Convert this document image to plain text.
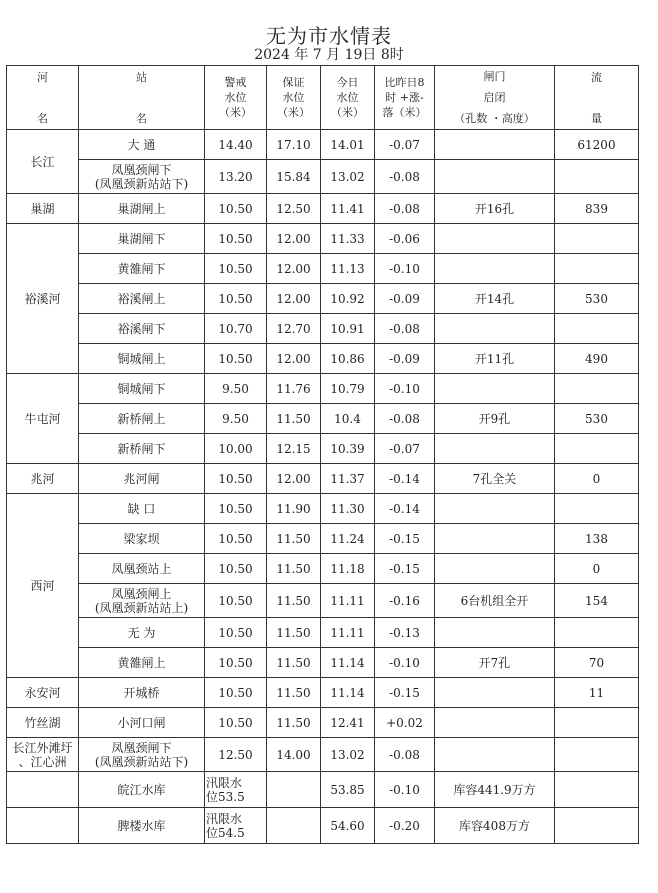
无为市水情表
2024 年 7 月 19日 8时
河
名	站
名	警戒
水位
（米）	保证
水位
（米）	今日
水位
（米）	比昨日8
时 +涨-
落（米）	闸门
启闭
（孔数 ・高度）	流
量

长江	大 通	14.40	17.10	14.01	-0.07		61200
	凤凰颈闸下
(凤凰颈新站站下)	13.20	15.84	13.02	-0.08		
巢湖	巢湖闸上	10.50	12.50	11.41	-0.08	开16孔	839
裕溪河	巢湖闸下	10.50	12.00	11.33	-0.06		
	黄雒闸下	10.50	12.00	11.13	-0.10		
	裕溪闸上	10.50	12.00	10.92	-0.09	开14孔	530
	裕溪闸下	10.70	12.70	10.91	-0.08		
	铜城闸上	10.50	12.00	10.86	-0.09	开11孔	490
牛屯河	铜城闸下	9.50	11.76	10.79	-0.10		
	新桥闸上	9.50	11.50	10.4	-0.08	开9孔	530
	新桥闸下	10.00	12.15	10.39	-0.07		
兆河	兆河闸	10.50	12.00	11.37	-0.14	7孔全关	0
西河	缺 口	10.50	11.90	11.30	-0.14		
	梁家坝	10.50	11.50	11.24	-0.15		138
	凤凰颈站上	10.50	11.50	11.18	-0.15		0
	凤凰颈闸上
(凤凰颈新站站上)	10.50	11.50	11.11	-0.16	6台机组全开	154
	无 为	10.50	11.50	11.11	-0.13		
	黄雒闸上	10.50	11.50	11.14	-0.10	开7孔	70
永安河	开城桥	10.50	11.50	11.14	-0.15		11
竹丝湖	小河口闸	10.50	11.50	12.41	+0.02		
长江外滩圩
、江心洲	凤凰颈闸下
(凤凰颈新站站下)	12.50	14.00	13.02	-0.08		
	皖江水库	汛限水
位53.5		53.85	-0.10	库容441.9万方	
	脾楼水库	汛限水
位54.5		54.60	-0.20	库容408万方	
